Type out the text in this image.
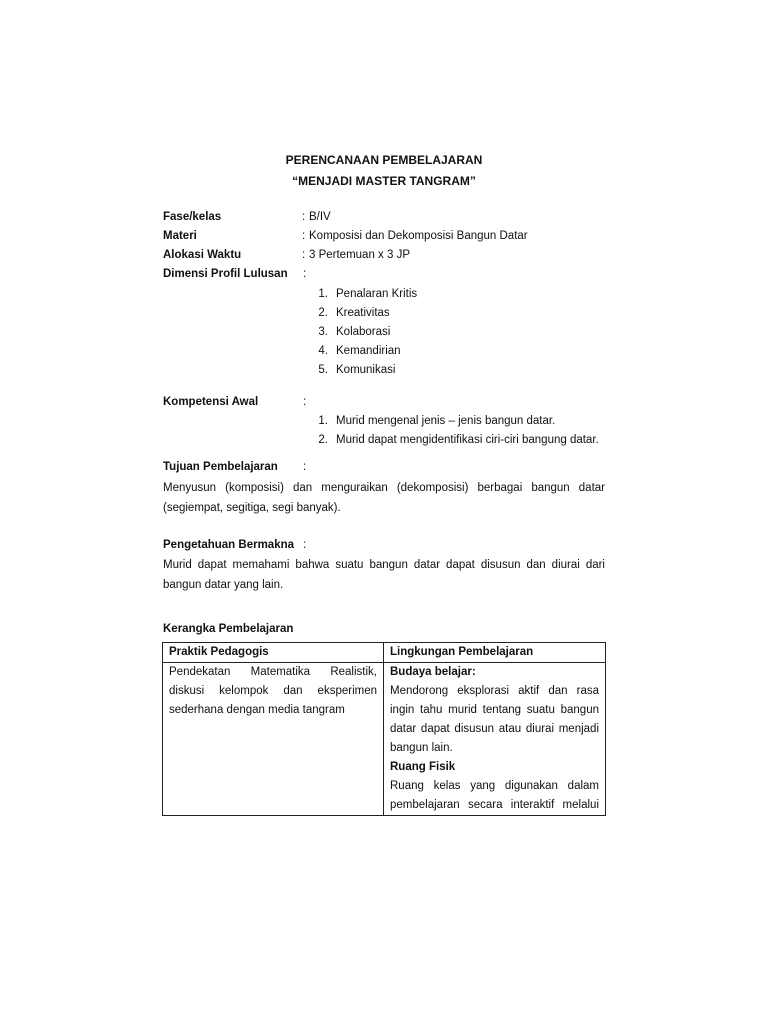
PERENCANAAN PEMBELAJARAN
“MENJADI MASTER TANGRAM”
Fase/kelas	: B/IV
Materi	: Komposisi dan Dekomposisi Bangun Datar
Alokasi Waktu	: 3 Pertemuan x 3 JP
Dimensi Profil Lulusan :
1. Penalaran Kritis
2. Kreativitas
3. Kolaborasi
4. Kemandirian
5. Komunikasi
Kompetensi Awal	:
1. Murid mengenal jenis – jenis bangun datar.
2. Murid dapat mengidentifikasi ciri-ciri bangung datar.
Tujuan Pembelajaran :
Menyusun (komposisi) dan menguraikan (dekomposisi) berbagai bangun datar (segiempat, segitiga, segi banyak).
Pengetahuan Bermakna :
Murid dapat memahami bahwa suatu bangun datar dapat disusun dan diurai dari bangun datar yang lain.
Kerangka Pembelajaran
Praktik Pedagogis	Lingkungan Pembelajaran

Pendekatan Matematika Realistik, diskusi kelompok dan eksperimen sederhana dengan media tangram	Budaya belajar:
Mendorong eksplorasi aktif dan rasa ingin tahu murid tentang suatu bangun datar dapat disusun atau diurai menjadi bangun lain.
Ruang Fisik
Ruang kelas yang digunakan dalam pembelajaran secara interaktif melalui
